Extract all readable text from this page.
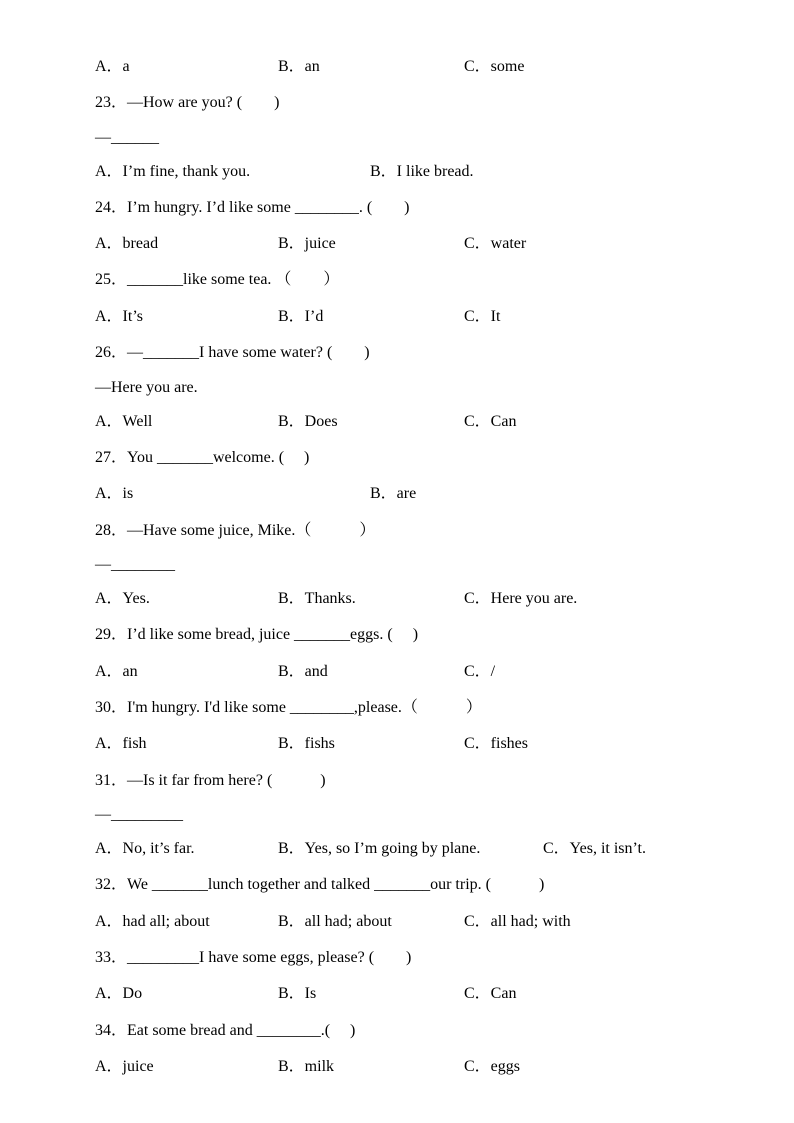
A．a	B．an	C．some
23．—How are you? (　　)
—______
A．I’m fine, thank you.	B．I like bread.
24．I’m hungry. I’d like some ________. (　　)
A．bread	B．juice	C．water
25．_______like some tea. （　　）
A．It’s	B．I’d	C．It
26．—_______I have some water? (　　)
—Here you are.
A．Well	B．Does	C．Can
27．You _______welcome. (　 )
A．is	B．are
28．—Have some juice, Mike.（　　　）
—________
A．Yes.	B．Thanks.	C．Here you are.
29．I’d like some bread, juice _______eggs. (　 )
A．an	B．and	C．/
30．I'm hungry. I'd like some ________,please.（　　　）
A．fish	B．fishs	C．fishes
31．—Is it far from here? (　　　)
—_________
A．No, it’s far.	B．Yes, so I’m going by plane.	C．Yes, it isn’t.
32．We _______lunch together and talked _______our trip. (　　　)
A．had all; about	B．all had; about	C．all had; with
33．_________I have some eggs, please? (　　)
A．Do	B．Is	C．Can
34．Eat some bread and ________.(　 )
A．juice	B．milk	C．eggs
